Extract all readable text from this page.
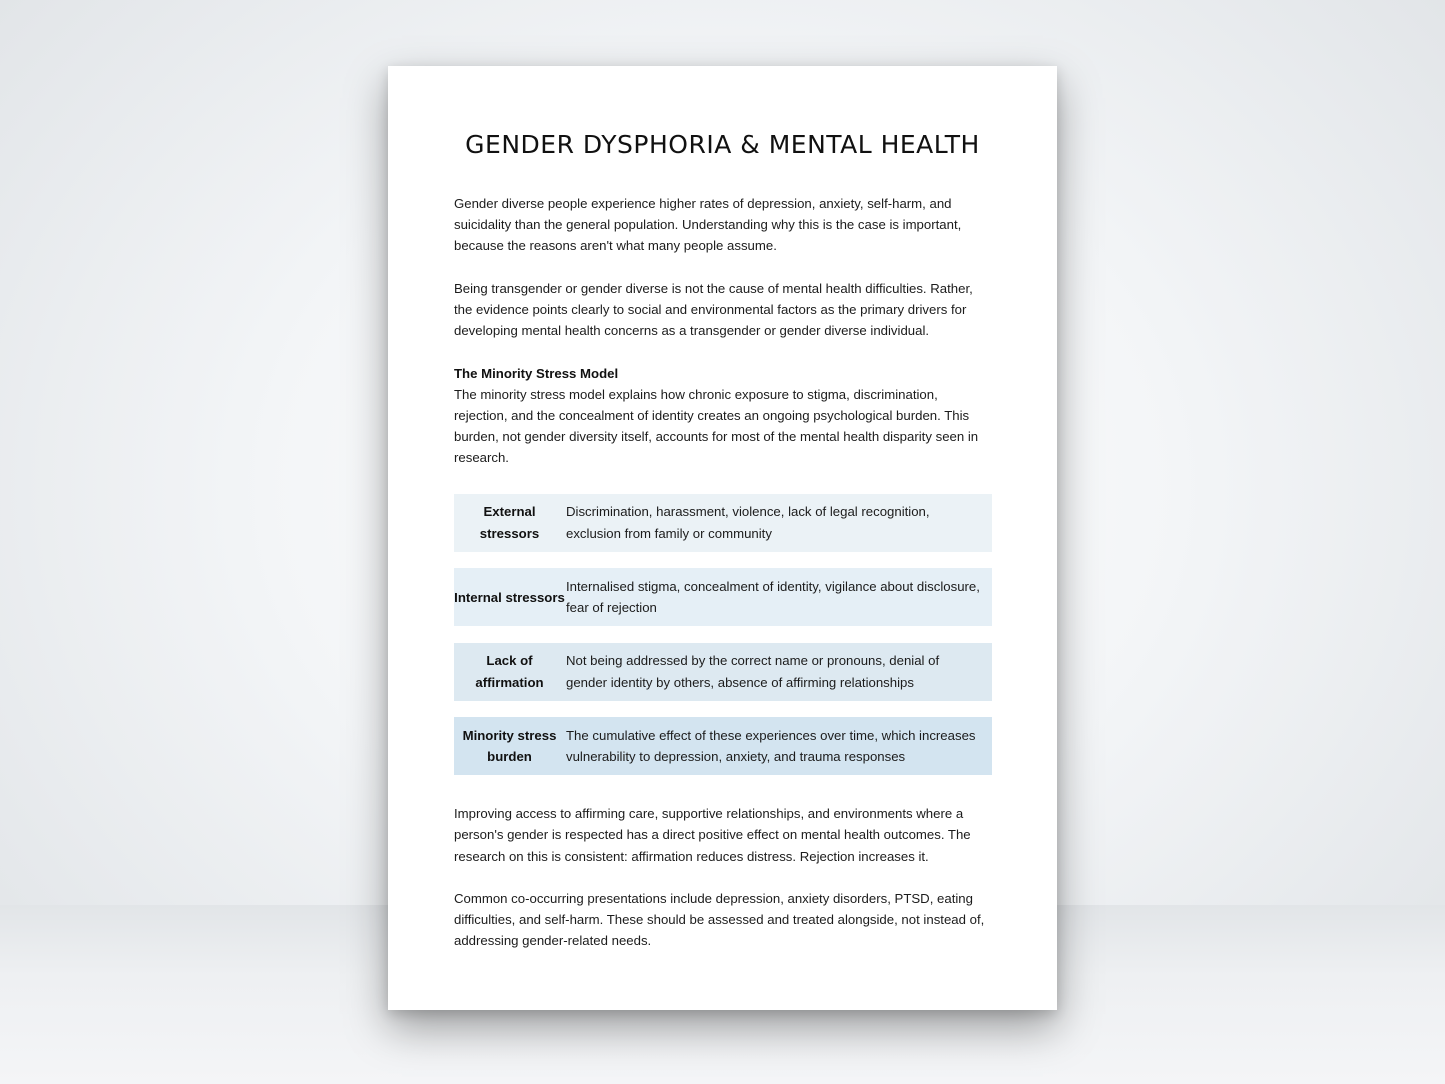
GENDER DYSPHORIA & MENTAL HEALTH

Gender diverse people experience higher rates of depression, anxiety, self-harm, and suicidality than the general population. Understanding why this is the case is important, because the reasons aren't what many people assume.

Being transgender or gender diverse is not the cause of mental health difficulties. Rather, the evidence points clearly to social and environmental factors as the primary drivers for developing mental health concerns as a transgender or gender diverse individual.

The Minority Stress Model
The minority stress model explains how chronic exposure to stigma, discrimination, rejection, and the concealment of identity creates an ongoing psychological burden. This burden, not gender diversity itself, accounts for most of the mental health disparity seen in research.

External stressors
Discrimination, harassment, violence, lack of legal recognition, exclusion from family or community
Internal stressors
Internalised stigma, concealment of identity, vigilance about disclosure, fear of rejection
Lack of affirmation
Not being addressed by the correct name or pronouns, denial of gender identity by others, absence of affirming relationships
Minority stress burden
The cumulative effect of these experiences over time, which increases vulnerability to depression, anxiety, and trauma responses

Improving access to affirming care, supportive relationships, and environments where a person's gender is respected has a direct positive effect on mental health outcomes. The research on this is consistent: affirmation reduces distress. Rejection increases it.

Common co-occurring presentations include depression, anxiety disorders, PTSD, eating difficulties, and self-harm. These should be assessed and treated alongside, not instead of, addressing gender-related needs.
